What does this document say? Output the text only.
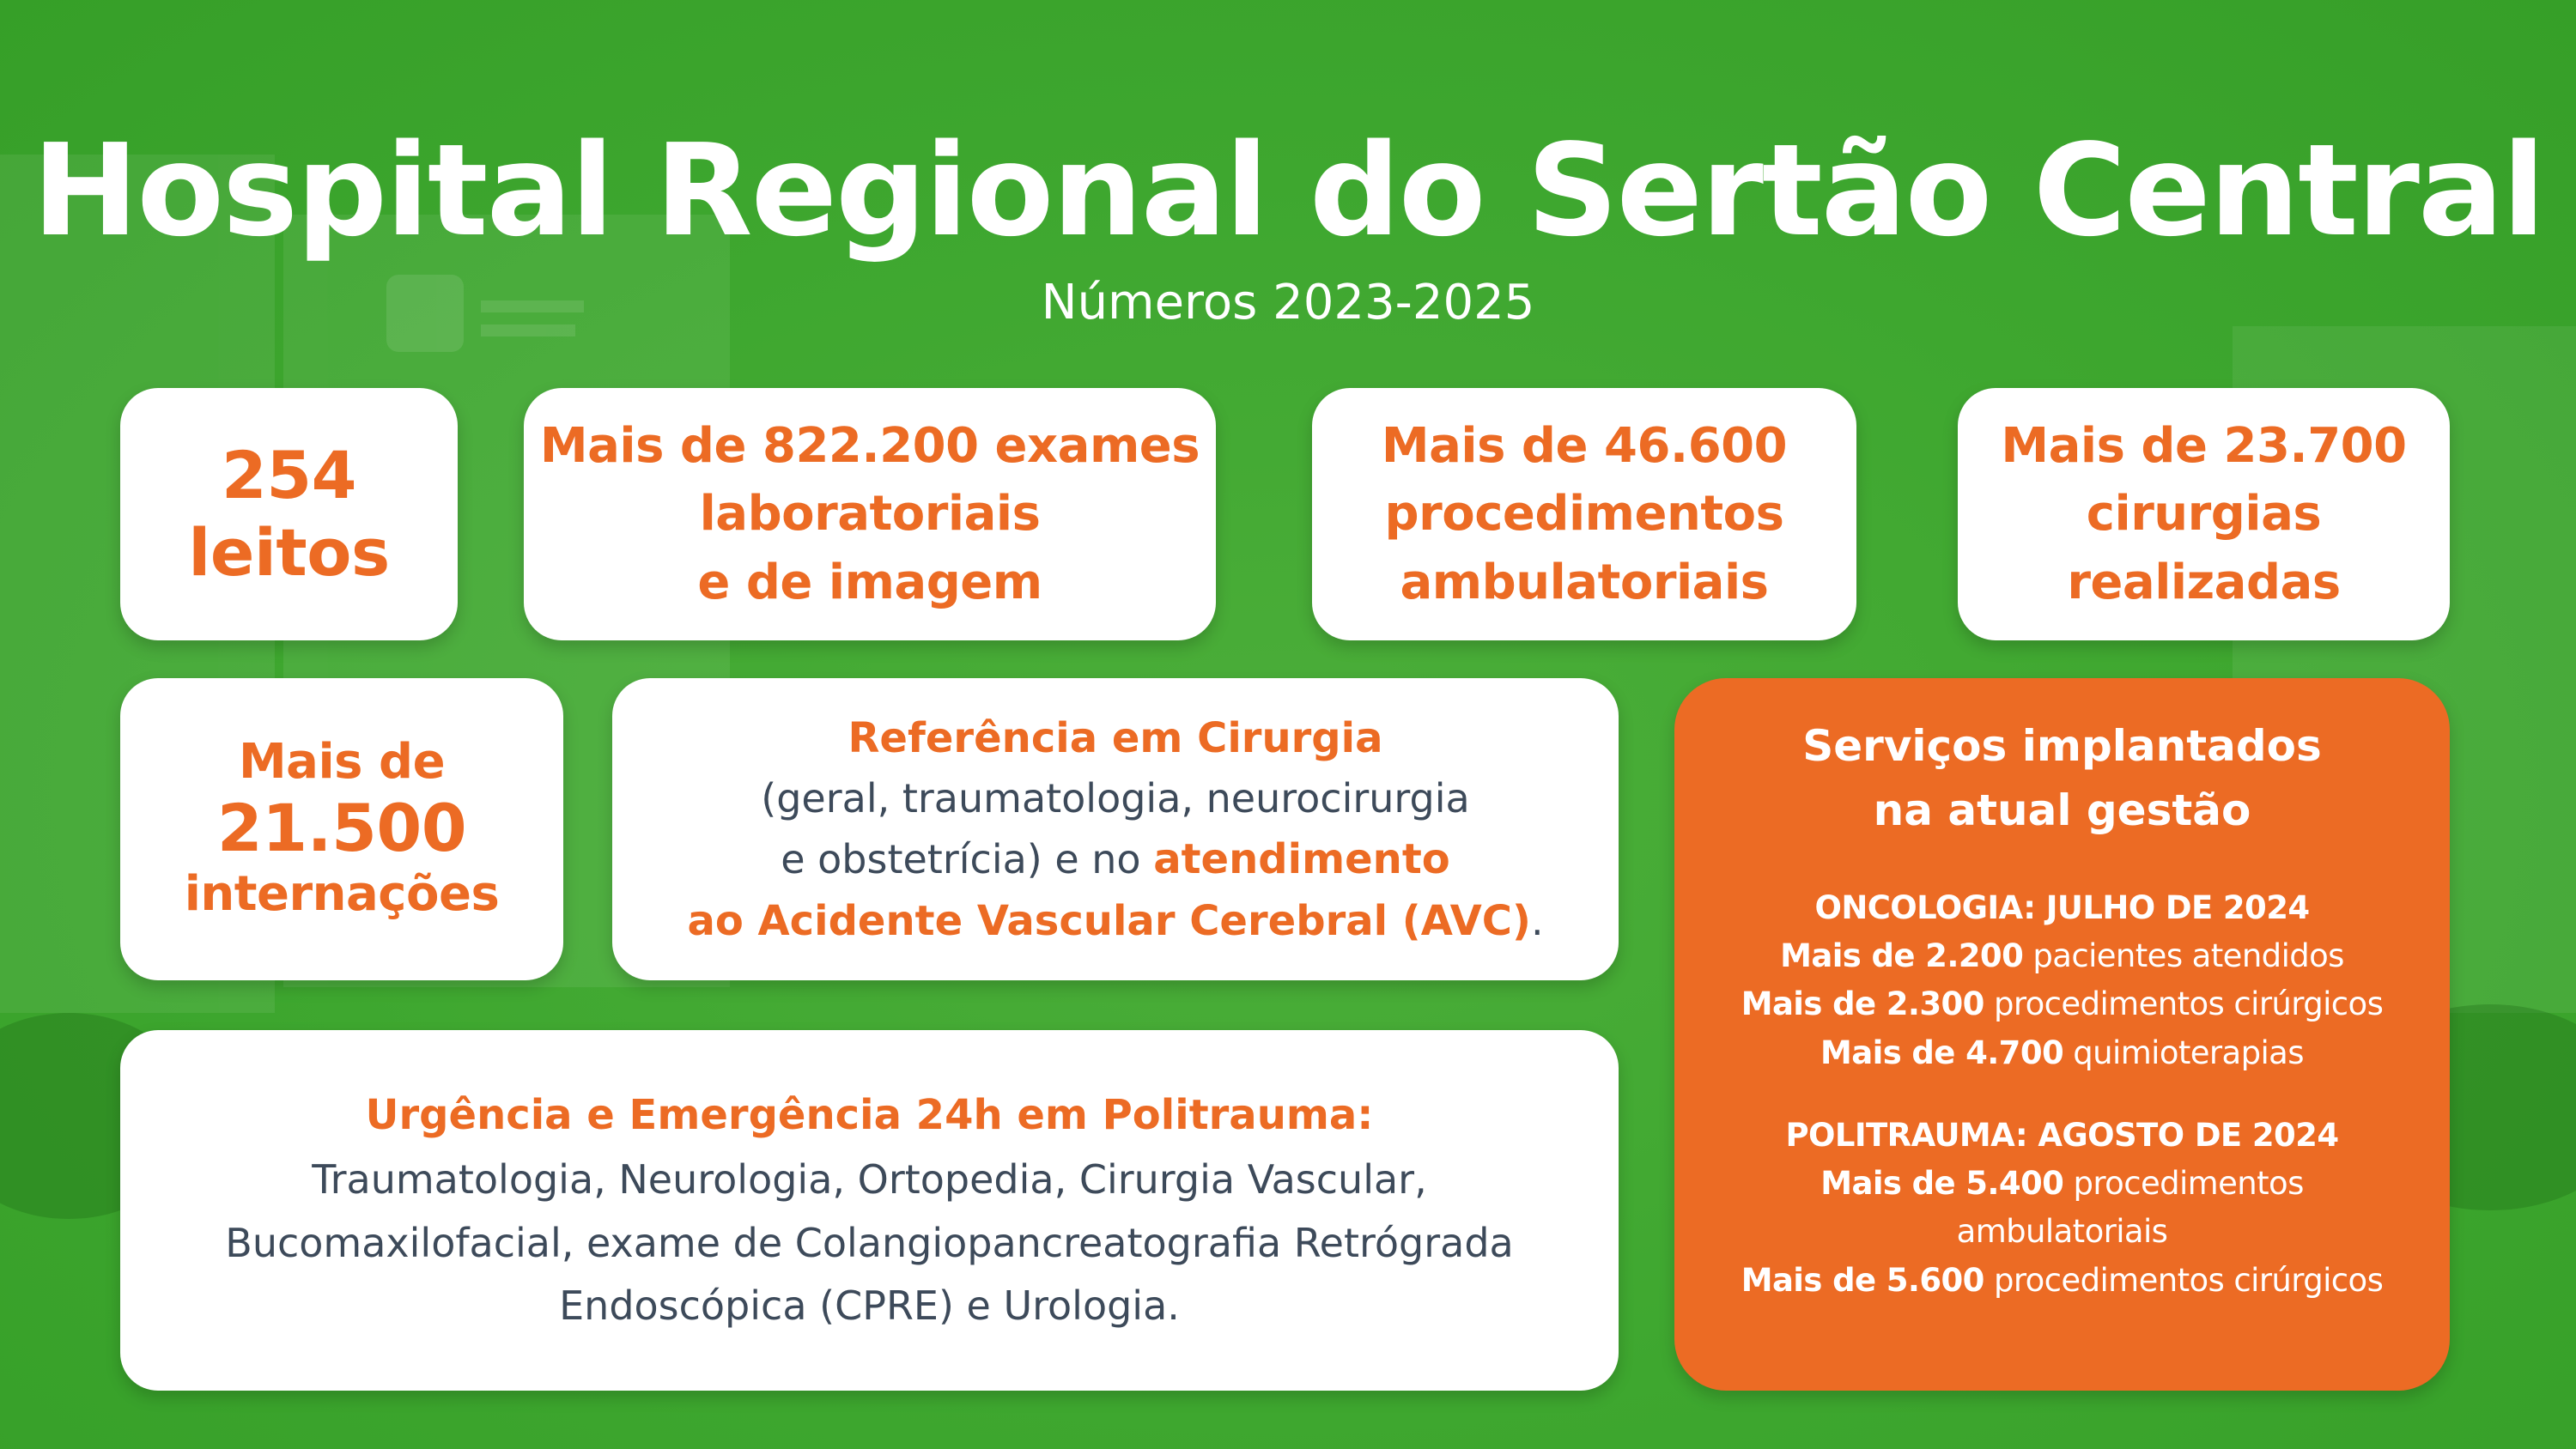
Hospital Regional do Sertão Central
Números 2023-2025
254
leitos
Mais de 822.200 exames
laboratoriais
e de imagem
Mais de 46.600
procedimentos
ambulatoriais
Mais de 23.700
cirurgias
realizadas
Mais de
21.500
internações
Referência em Cirurgia
(geral, traumatologia, neurocirurgia
e obstetrícia) e no atendimento
ao Acidente Vascular Cerebral (AVC).
Urgência e Emergência 24h em Politrauma:
Traumatologia, Neurologia, Ortopedia, Cirurgia Vascular,
Bucomaxilofacial, exame de Colangiopancreatografia Retrógrada
Endoscópica (CPRE) e Urologia.
Serviços implantados
na atual gestão
ONCOLOGIA: JULHO DE 2024
Mais de 2.200 pacientes atendidos
Mais de 2.300 procedimentos cirúrgicos
Mais de 4.700 quimioterapias
POLITRAUMA: AGOSTO DE 2024
Mais de 5.400 procedimentos
ambulatoriais
Mais de 5.600 procedimentos cirúrgicos
